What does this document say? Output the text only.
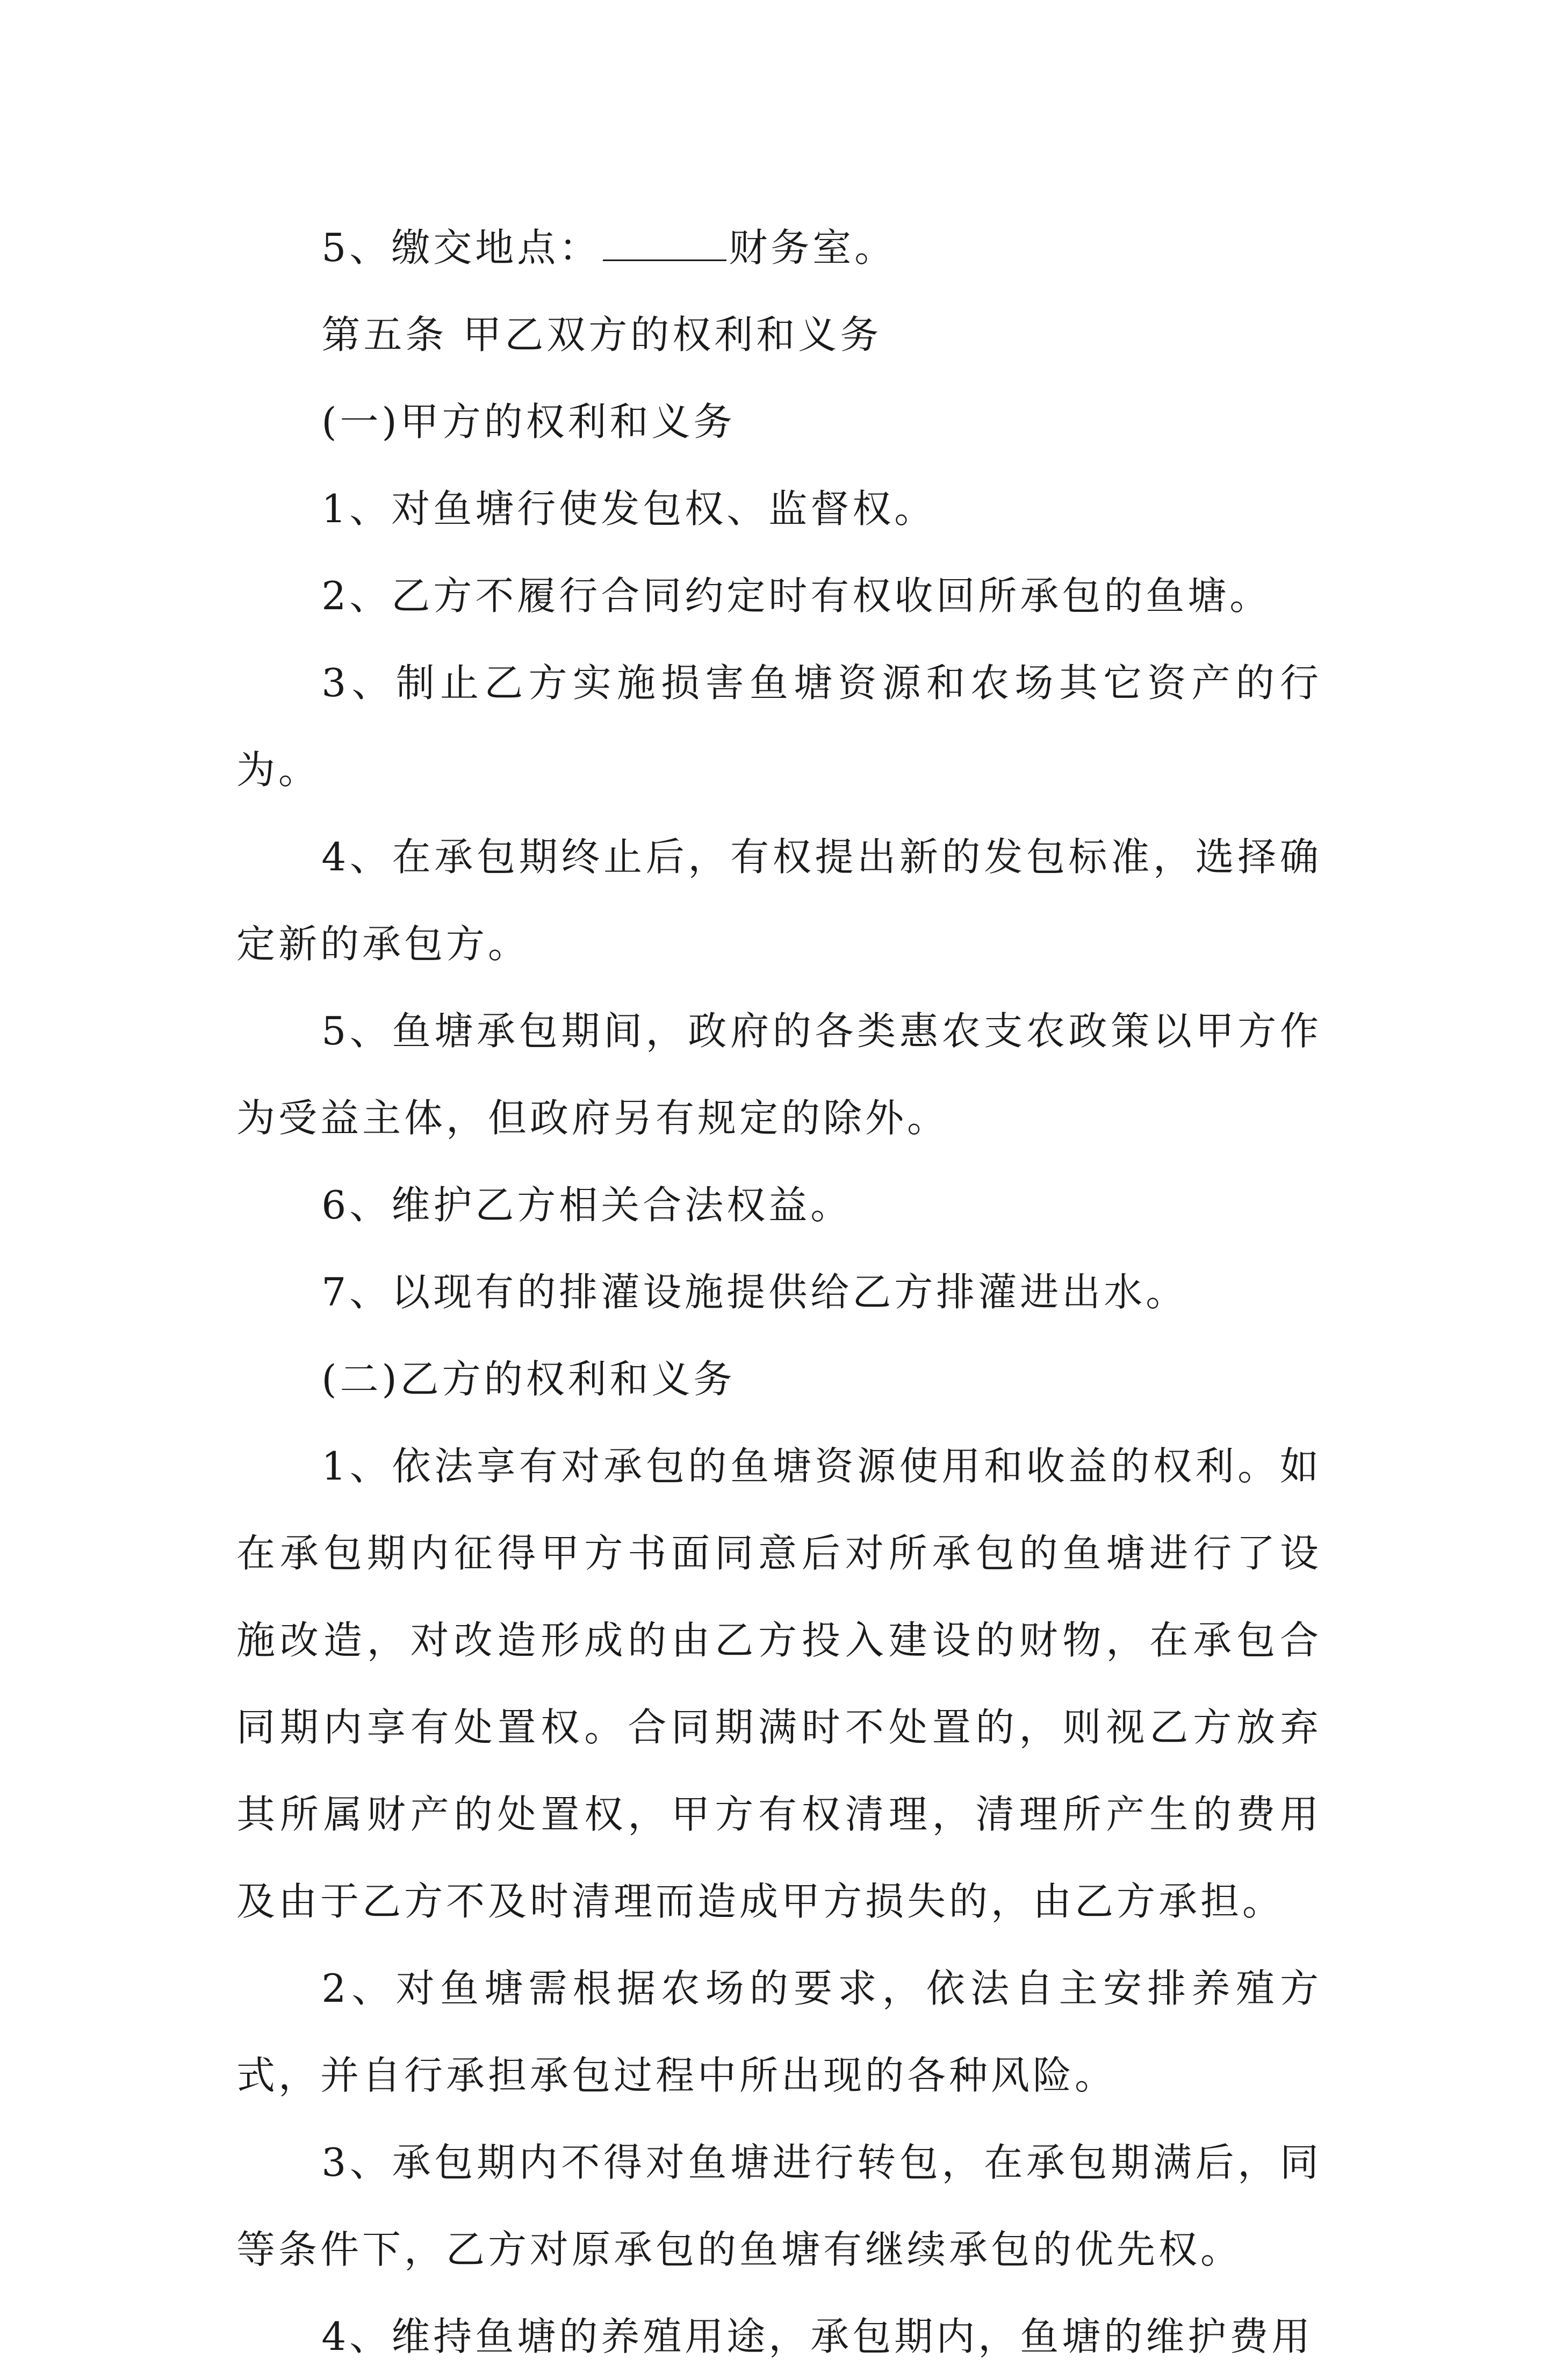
5、缴交地点：	财务室。

第五条 甲乙双方的权利和义务

(一)甲方的权利和义务

1、对鱼塘行使发包权、监督权。

2、乙方不履行合同约定时有权收回所承包的鱼塘。

3、制止乙方实施损害鱼塘资源和农场其它资产的行为。

4、在承包期终止后，有权提出新的发包标准，选择确定新的承包方。

5、鱼塘承包期间，政府的各类惠农支农政策以甲方作为受益主体，但政府另有规定的除外。

6、维护乙方相关合法权益。

7、以现有的排灌设施提供给乙方排灌进出水。

(二)乙方的权利和义务

1、依法享有对承包的鱼塘资源使用和收益的权利。如在承包期内征得甲方书面同意后对所承包的鱼塘进行了设施改造，对改造形成的由乙方投入建设的财物，在承包合同期内享有处置权。合同期满时不处置的，则视乙方放弃其所属财产的处置权，甲方有权清理，清理所产生的费用及由于乙方不及时清理而造成甲方损失的，由乙方承担。

2、对鱼塘需根据农场的要求，依法自主安排养殖方式，并自行承担承包过程中所出现的各种风险。

3、承包期内不得对鱼塘进行转包，在承包期满后，同等条件下，乙方对原承包的鱼塘有继续承包的优先权。

4、维持鱼塘的养殖用途，承包期内，鱼塘的维护费用
